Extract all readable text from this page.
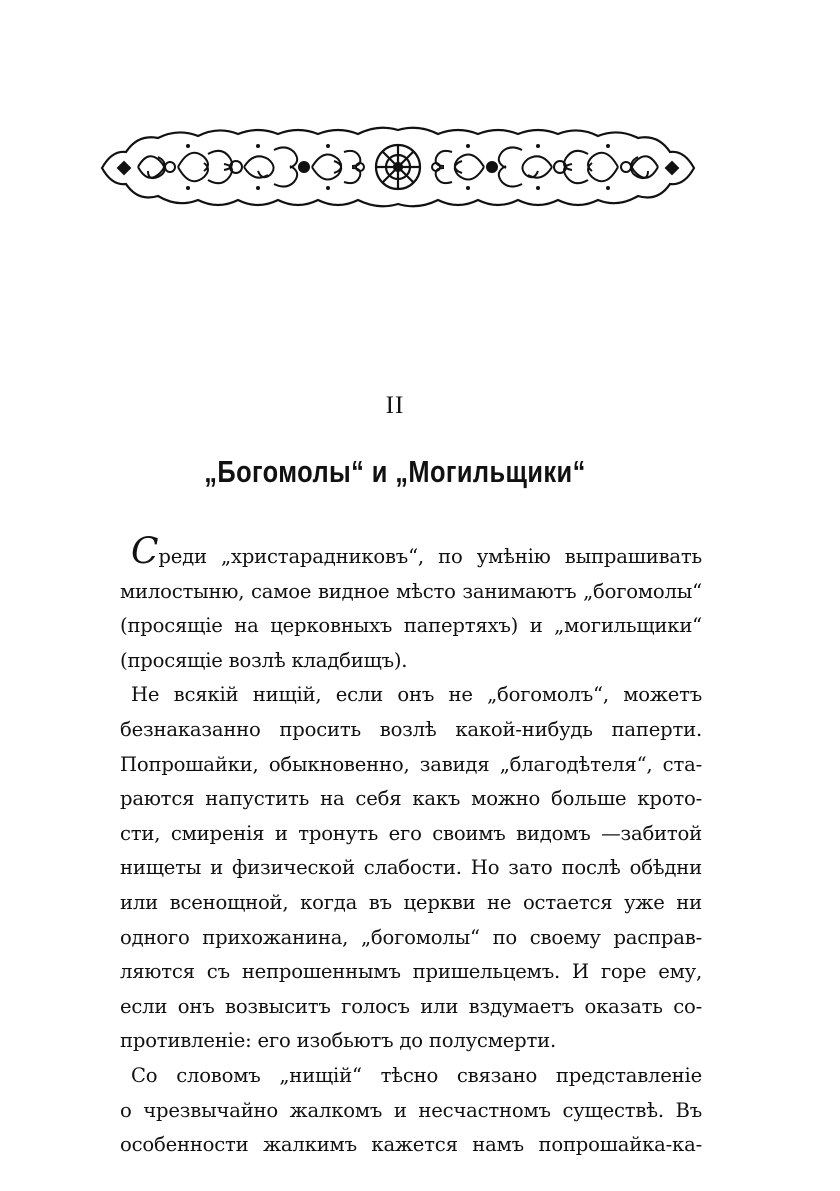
II
„Богомолы“ и „Могильщики“
Среди „христарадниковъ“, по умѣнію выпрашивать
милостыню, самое видное мѣсто занимаютъ „богомолы“
(просящіе на церковныхъ папертяхъ) и „могильщики“
(просящіе возлѣ кладбищъ).
Не всякій нищій, если онъ не „богомолъ“, можетъ
безнаказанно просить возлѣ какой-нибудь паперти.
Попрошайки, обыкновенно, завидя „благодѣтеля“, ста-
раются напустить на себя какъ можно больше крото-
сти, смиренія и тронуть его своимъ видомъ —забитой
нищеты и физической слабости. Но зато послѣ обѣдни
или всенощной, когда въ церкви не остается уже ни
одного прихожанина, „богомолы“ по своему расправ-
ляются съ непрошеннымъ пришельцемъ. И горе ему,
если онъ возвыситъ голосъ или вздумаетъ оказать со-
противленіе: его изобьютъ до полусмерти.
Со словомъ „нищій“ тѣсно связано представленіе
о чрезвычайно жалкомъ и несчастномъ существѣ. Въ
особенности жалкимъ кажется намъ попрошайка-ка-
